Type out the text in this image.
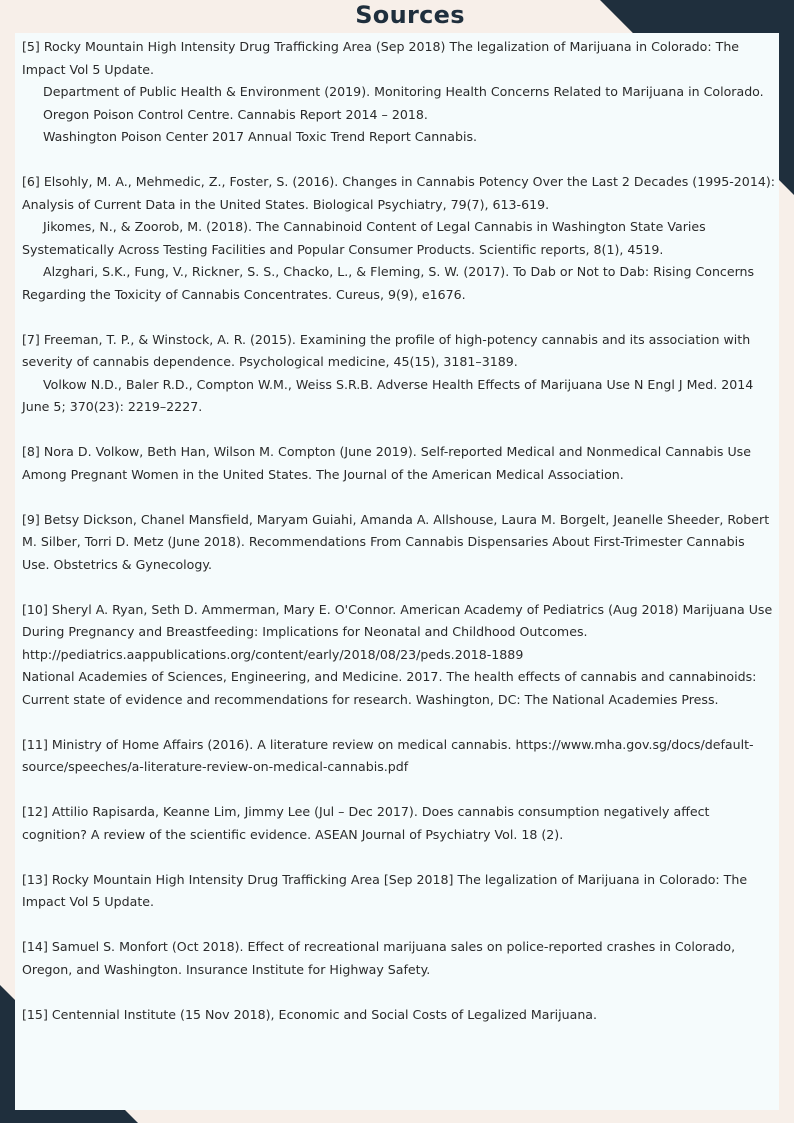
Sources

[5] Rocky Mountain High Intensity Drug Trafficking Area (Sep 2018) The legalization of Marijuana in Colorado: The Impact Vol 5 Update.

Department of Public Health & Environment (2019). Monitoring Health Concerns Related to Marijuana in Colorado.

Oregon Poison Control Centre. Cannabis Report 2014 – 2018.

Washington Poison Center 2017 Annual Toxic Trend Report Cannabis.

[6] Elsohly, M. A., Mehmedic, Z., Foster, S. (2016). Changes in Cannabis Potency Over the Last 2 Decades (1995-2014): Analysis of Current Data in the United States. Biological Psychiatry, 79(7), 613-619.

Jikomes, N., & Zoorob, M. (2018). The Cannabinoid Content of Legal Cannabis in Washington State Varies Systematically Across Testing Facilities and Popular Consumer Products. Scientific reports, 8(1), 4519.

Alzghari, S.K., Fung, V., Rickner, S. S., Chacko, L., & Fleming, S. W. (2017). To Dab or Not to Dab: Rising Concerns Regarding the Toxicity of Cannabis Concentrates. Cureus, 9(9), e1676.

[7] Freeman, T. P., & Winstock, A. R. (2015). Examining the profile of high-potency cannabis and its association with severity of cannabis dependence. Psychological medicine, 45(15), 3181–3189.

Volkow N.D., Baler R.D., Compton W.M., Weiss S.R.B. Adverse Health Effects of Marijuana Use N Engl J Med. 2014 June 5; 370(23): 2219–2227.

[8] Nora D. Volkow, Beth Han, Wilson M. Compton (June 2019). Self-reported Medical and Nonmedical Cannabis Use Among Pregnant Women in the United States. The Journal of the American Medical Association.

[9] Betsy Dickson, Chanel Mansfield, Maryam Guiahi, Amanda A. Allshouse, Laura M. Borgelt, Jeanelle Sheeder, Robert M. Silber, Torri D. Metz (June 2018). Recommendations From Cannabis Dispensaries About First-Trimester Cannabis Use. Obstetrics & Gynecology.

[10] Sheryl A. Ryan, Seth D. Ammerman, Mary E. O'Connor. American Academy of Pediatrics (Aug 2018) Marijuana Use During Pregnancy and Breastfeeding: Implications for Neonatal and Childhood Outcomes. http://pediatrics.aappublications.org/content/early/2018/08/23/peds.2018-1889

National Academies of Sciences, Engineering, and Medicine. 2017. The health effects of cannabis and cannabinoids: Current state of evidence and recommendations for research. Washington, DC: The National Academies Press.

[11] Ministry of Home Affairs (2016). A literature review on medical cannabis. https://www.mha.gov.sg/docs/default-source/speeches/a-literature-review-on-medical-cannabis.pdf

[12] Attilio Rapisarda, Keanne Lim, Jimmy Lee (Jul – Dec 2017). Does cannabis consumption negatively affect cognition? A review of the scientific evidence. ASEAN Journal of Psychiatry Vol. 18 (2).

[13] Rocky Mountain High Intensity Drug Trafficking Area [Sep 2018] The legalization of Marijuana in Colorado: The Impact Vol 5 Update.

[14] Samuel S. Monfort (Oct 2018). Effect of recreational marijuana sales on police-reported crashes in Colorado, Oregon, and Washington. Insurance Institute for Highway Safety.

[15] Centennial Institute (15 Nov 2018), Economic and Social Costs of Legalized Marijuana.
